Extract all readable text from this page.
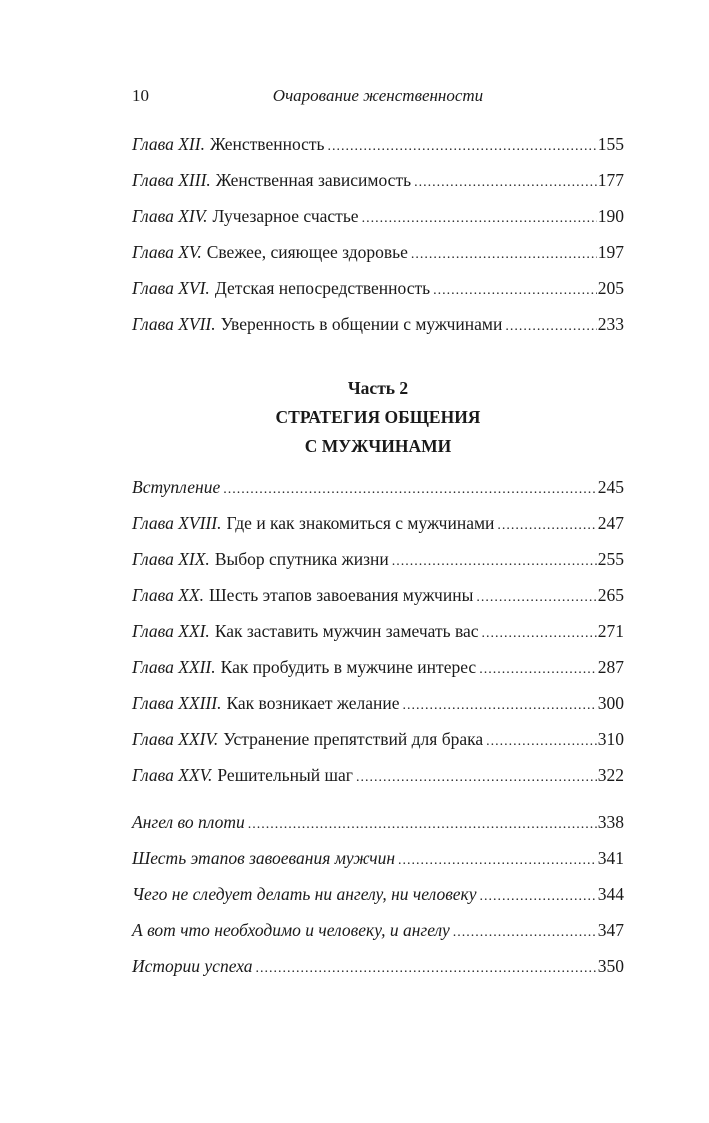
10	Очарование женственности
Глава XII. Женственность .....	155
Глава XIII. Женственная зависимость .....	177
Глава XIV. Лучезарное счастье .....	190
Глава XV. Свежее, сияющее здоровье .....	197
Глава XVI. Детская непосредственность .....	205
Глава XVII. Уверенность в общении с мужчинами .....	233
Часть 2
СТРАТЕГИЯ ОБЩЕНИЯ
С МУЖЧИНАМИ
Вступление .....	245
Глава XVIII. Где и как знакомиться с мужчинами .....	247
Глава XIX. Выбор спутника жизни .....	255
Глава XX. Шесть этапов завоевания мужчины .....	265
Глава XXI. Как заставить мужчин замечать вас .....	271
Глава XXII. Как пробудить в мужчине интерес .....	287
Глава XXIII. Как возникает желание .....	300
Глава XXIV. Устранение препятствий для брака .....	310
Глава XXV. Решительный шаг .....	322
Ангел во плоти .....	338
Шесть этапов завоевания мужчин .....	341
Чего не следует делать ни ангелу, ни человеку .....	344
А вот что необходимо и человеку, и ангелу .....	347
Истории успеха .....	350
